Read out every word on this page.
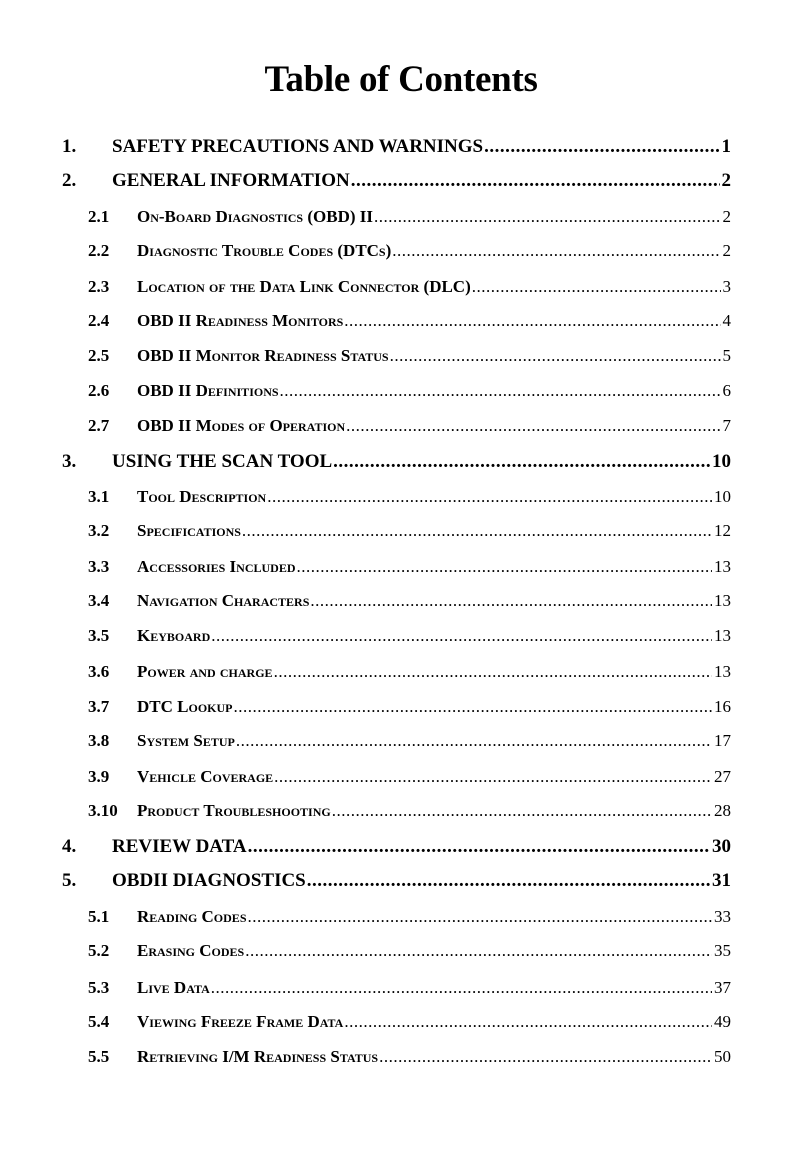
Table of Contents
1. SAFETY PRECAUTIONS AND WARNINGS .....	1
2. GENERAL INFORMATION .....	2
2.1 On-Board Diagnostics (OBD) II .....	2
2.2 Diagnostic Trouble Codes (DTCs) .....	2
2.3 Location of the Data Link Connector (DLC) .....	3
2.4 OBD II Readiness Monitors .....	4
2.5 OBD II Monitor Readiness Status .....	5
2.6 OBD II Definitions .....	6
2.7 OBD II Modes of Operation .....	7
3. USING THE SCAN TOOL .....	10
3.1 Tool Description .....	10
3.2 Specifications .....	12
3.3 Accessories Included .....	13
3.4 Navigation Characters .....	13
3.5 Keyboard .....	13
3.6 Power and charge .....	13
3.7 DTC Lookup .....	16
3.8 System Setup .....	17
3.9 Vehicle Coverage .....	27
3.10 Product Troubleshooting .....	28
4. REVIEW DATA .....	30
5. OBDII DIAGNOSTICS .....	31
5.1 Reading Codes .....	33
5.2 Erasing Codes .....	35
5.3 Live Data .....	37
5.4 Viewing Freeze Frame Data .....	49
5.5 Retrieving I/M Readiness Status .....	50
